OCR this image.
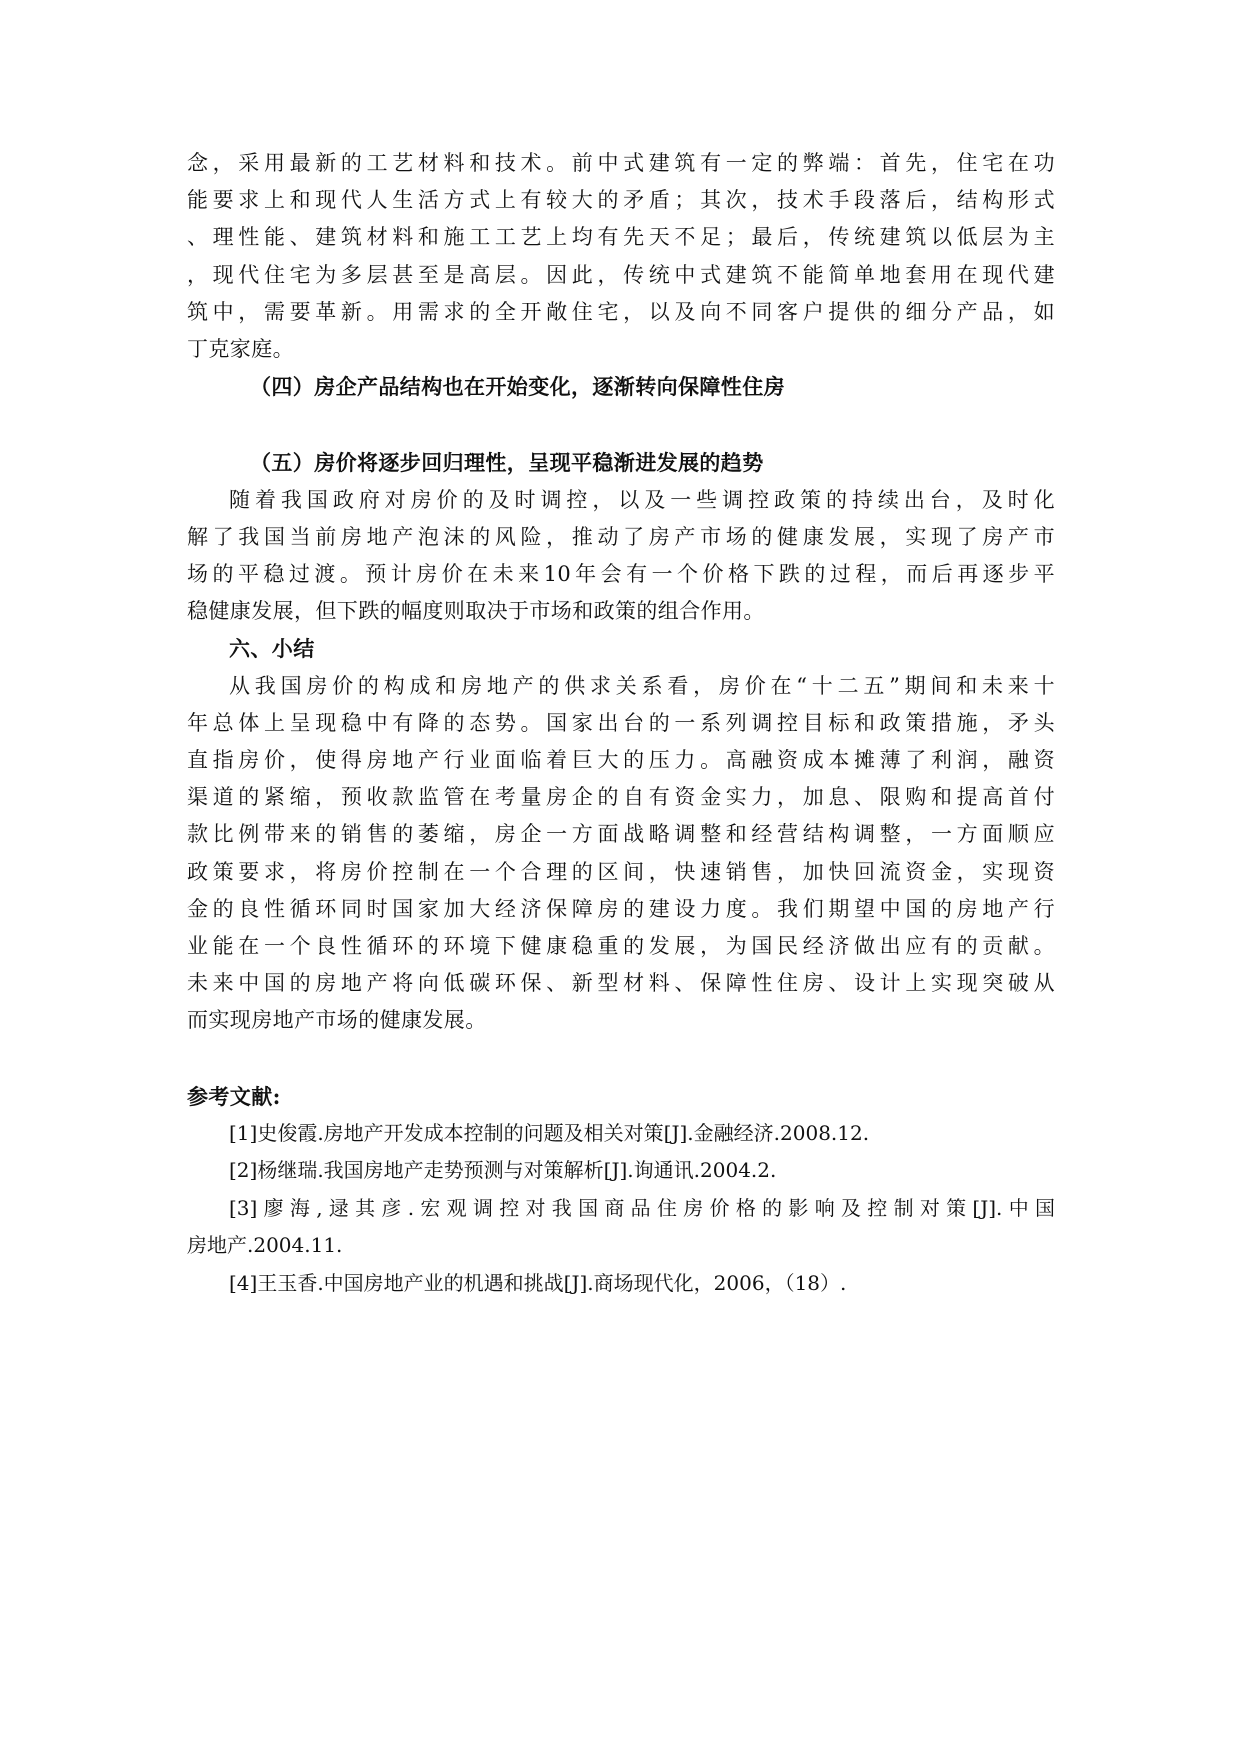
念，采用最新的工艺材料和技术。前中式建筑有一定的弊端：首先，住宅在功
能要求上和现代人生活方式上有较大的矛盾；其次，技术手段落后，结构形式
、理性能、建筑材料和施工工艺上均有先天不足；最后，传统建筑以低层为主
，现代住宅为多层甚至是高层。因此，传统中式建筑不能简单地套用在现代建
筑中，需要革新。用需求的全开敞住宅，以及向不同客户提供的细分产品，如
丁克家庭。
（四）房企产品结构也在开始变化，逐渐转向保障性住房
（五）房价将逐步回归理性，呈现平稳渐进发展的趋势
随着我国政府对房价的及时调控，以及一些调控政策的持续出台，及时化
解了我国当前房地产泡沫的风险，推动了房产市场的健康发展，实现了房产市
场的平稳过渡。预计房价在未来10年会有一个价格下跌的过程，而后再逐步平
稳健康发展，但下跌的幅度则取决于市场和政策的组合作用。
六、小结
从我国房价的构成和房地产的供求关系看，房价在“十二五”期间和未来十
年总体上呈现稳中有降的态势。国家出台的一系列调控目标和政策措施，矛头
直指房价，使得房地产行业面临着巨大的压力。高融资成本摊薄了利润，融资
渠道的紧缩，预收款监管在考量房企的自有资金实力，加息、限购和提高首付
款比例带来的销售的萎缩，房企一方面战略调整和经营结构调整，一方面顺应
政策要求，将房价控制在一个合理的区间，快速销售，加快回流资金，实现资
金的良性循环同时国家加大经济保障房的建设力度。我们期望中国的房地产行
业能在一个良性循环的环境下健康稳重的发展，为国民经济做出应有的贡献。
未来中国的房地产将向低碳环保、新型材料、保障性住房、设计上实现突破从
而实现房地产市场的健康发展。
参考文献:
[1]史俊霞.房地产开发成本控制的问题及相关对策[J].金融经济.2008.12.
[2]杨继瑞.我国房地产走势预测与对策解析[J].询通讯.2004.2.
[3]廖海,逯其彦.宏观调控对我国商品住房价格的影响及控制对策[J].中国
房地产.2004.11.
[4]王玉香.中国房地产业的机遇和挑战[J].商场现代化，2006，（18）.
